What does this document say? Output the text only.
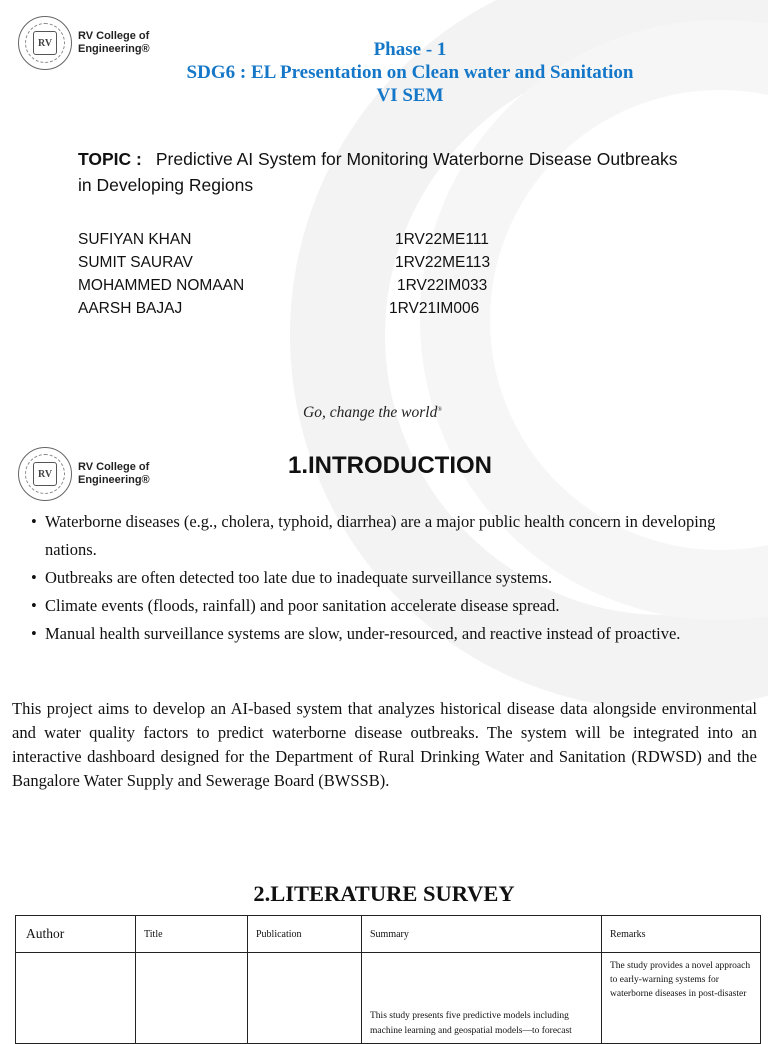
RV
RV College of
Engineering®	Phase - 1
SDG6 : EL Presentation on Clean water and Sanitation
VI SEM
TOPIC : Predictive AI System for Monitoring Waterborne Disease Outbreaks in Developing Regions
SUFIYAN KHAN	1RV22ME111
SUMIT SAURAV	1RV22ME113
MOHAMMED NOMAAN	1RV22IM033
AARSH BAJAJ	1RV21IM006
Go, change the world®
RV
RV College of
Engineering®
1.INTRODUCTION
• Waterborne diseases (e.g., cholera, typhoid, diarrhea) are a major public health concern in developing nations.
• Outbreaks are often detected too late due to inadequate surveillance systems.
• Climate events (floods, rainfall) and poor sanitation accelerate disease spread.
• Manual health surveillance systems are slow, under-resourced, and reactive instead of proactive.

This project aims to develop an AI-based system that analyzes historical disease data alongside environmental and water quality factors to predict waterborne disease outbreaks. The system will be integrated into an interactive dashboard designed for the Department of Rural Drinking Water and Sanitation (RDWSD) and the Bangalore Water Supply and Sewerage Board (BWSSB).

2.LITERATURE SURVEY
Author	Title	Publication	Summary	Remarks
			This study presents five predictive models including machine learning and geospatial models—to forecast	The study provides a novel approach to early-warning systems for waterborne diseases in post-disaster
